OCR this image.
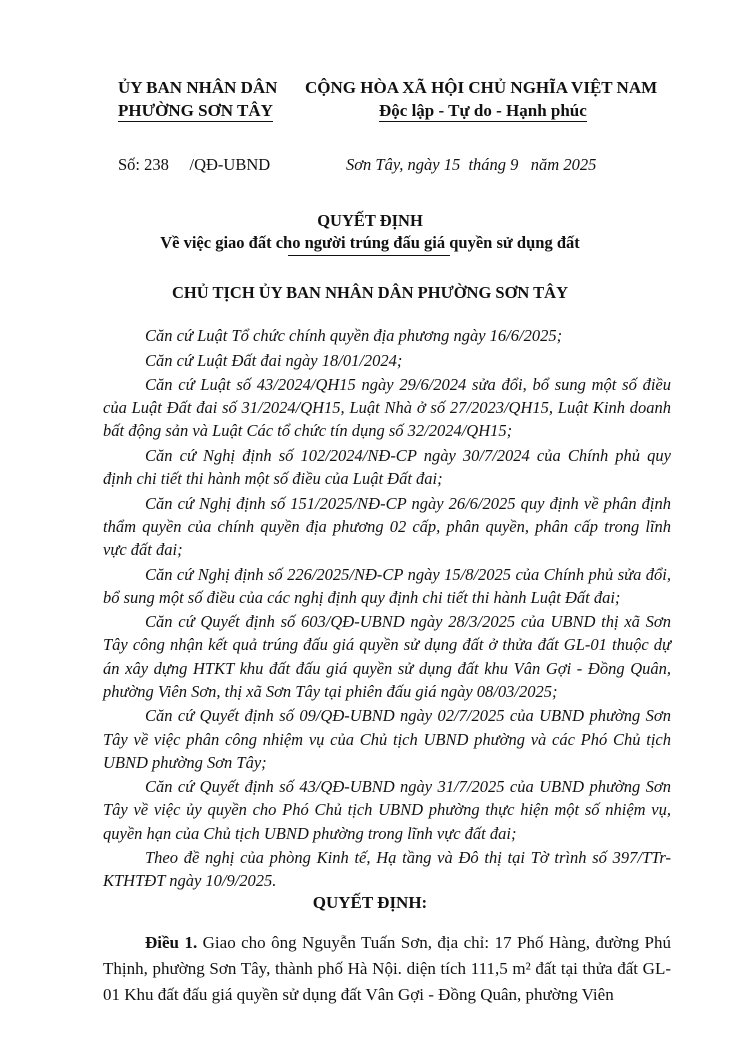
ỦY BAN NHÂN DÂN
PHƯỜNG SƠN TÂY
CỘNG HÒA XÃ HỘI CHỦ NGHĨA VIỆT NAM
Độc lập - Tự do - Hạnh phúc
Số: 238     /QĐ-UBND	Sơn Tây, ngày 15  tháng 9   năm 2025
QUYẾT ĐỊNH
Về việc giao đất cho người trúng đấu giá quyền sử dụng đất
CHỦ TỊCH ỦY BAN NHÂN DÂN PHƯỜNG SƠN TÂY

Căn cứ Luật Tổ chức chính quyền địa phương ngày 16/6/2025;

Căn cứ Luật Đất đai ngày 18/01/2024;

Căn cứ Luật số 43/2024/QH15 ngày 29/6/2024 sửa đổi, bổ sung một số điều của Luật Đất đai số 31/2024/QH15, Luật Nhà ở số 27/2023/QH15, Luật Kinh doanh bất động sản và Luật Các tổ chức tín dụng số 32/2024/QH15;

Căn cứ Nghị định số 102/2024/NĐ-CP ngày 30/7/2024 của Chính phủ quy định chi tiết thi hành một số điều của Luật Đất đai;

Căn cứ Nghị định số 151/2025/NĐ-CP ngày 26/6/2025 quy định về phân định thẩm quyền của chính quyền địa phương 02 cấp, phân quyền, phân cấp trong lĩnh vực đất đai;

Căn cứ Nghị định số 226/2025/NĐ-CP ngày 15/8/2025 của Chính phủ sửa đổi, bổ sung một số điều của các nghị định quy định chi tiết thi hành Luật Đất đai;

Căn cứ Quyết định số 603/QĐ-UBND ngày 28/3/2025 của UBND thị xã Sơn Tây công nhận kết quả trúng đấu giá quyền sử dụng đất ở thửa đất GL-01 thuộc dự án xây dựng HTKT khu đất đấu giá quyền sử dụng đất khu Vân Gợi - Đồng Quân, phường Viên Sơn, thị xã Sơn Tây tại phiên đấu giá ngày 08/03/2025;

Căn cứ Quyết định số 09/QĐ-UBND ngày 02/7/2025 của UBND phường Sơn Tây về việc phân công nhiệm vụ của Chủ tịch UBND phường và các Phó Chủ tịch UBND phường Sơn Tây;

Căn cứ Quyết định số 43/QĐ-UBND ngày 31/7/2025 của UBND phường Sơn Tây về việc ủy quyền cho Phó Chủ tịch UBND phường thực hiện một số nhiệm vụ, quyền hạn của Chủ tịch UBND phường trong lĩnh vực đất đai;

Theo đề nghị của phòng Kinh tế, Hạ tầng và Đô thị tại Tờ trình số 397/TTr-KTHTĐT ngày 10/9/2025.

QUYẾT ĐỊNH:

Điều 1. Giao cho ông Nguyễn Tuấn Sơn, địa chỉ: 17 Phố Hàng, đường Phú Thịnh, phường Sơn Tây, thành phố Hà Nội. diện tích 111,5 m² đất tại thửa đất GL-01 Khu đất đấu giá quyền sử dụng đất Vân Gợi - Đồng Quân, phường Viên
